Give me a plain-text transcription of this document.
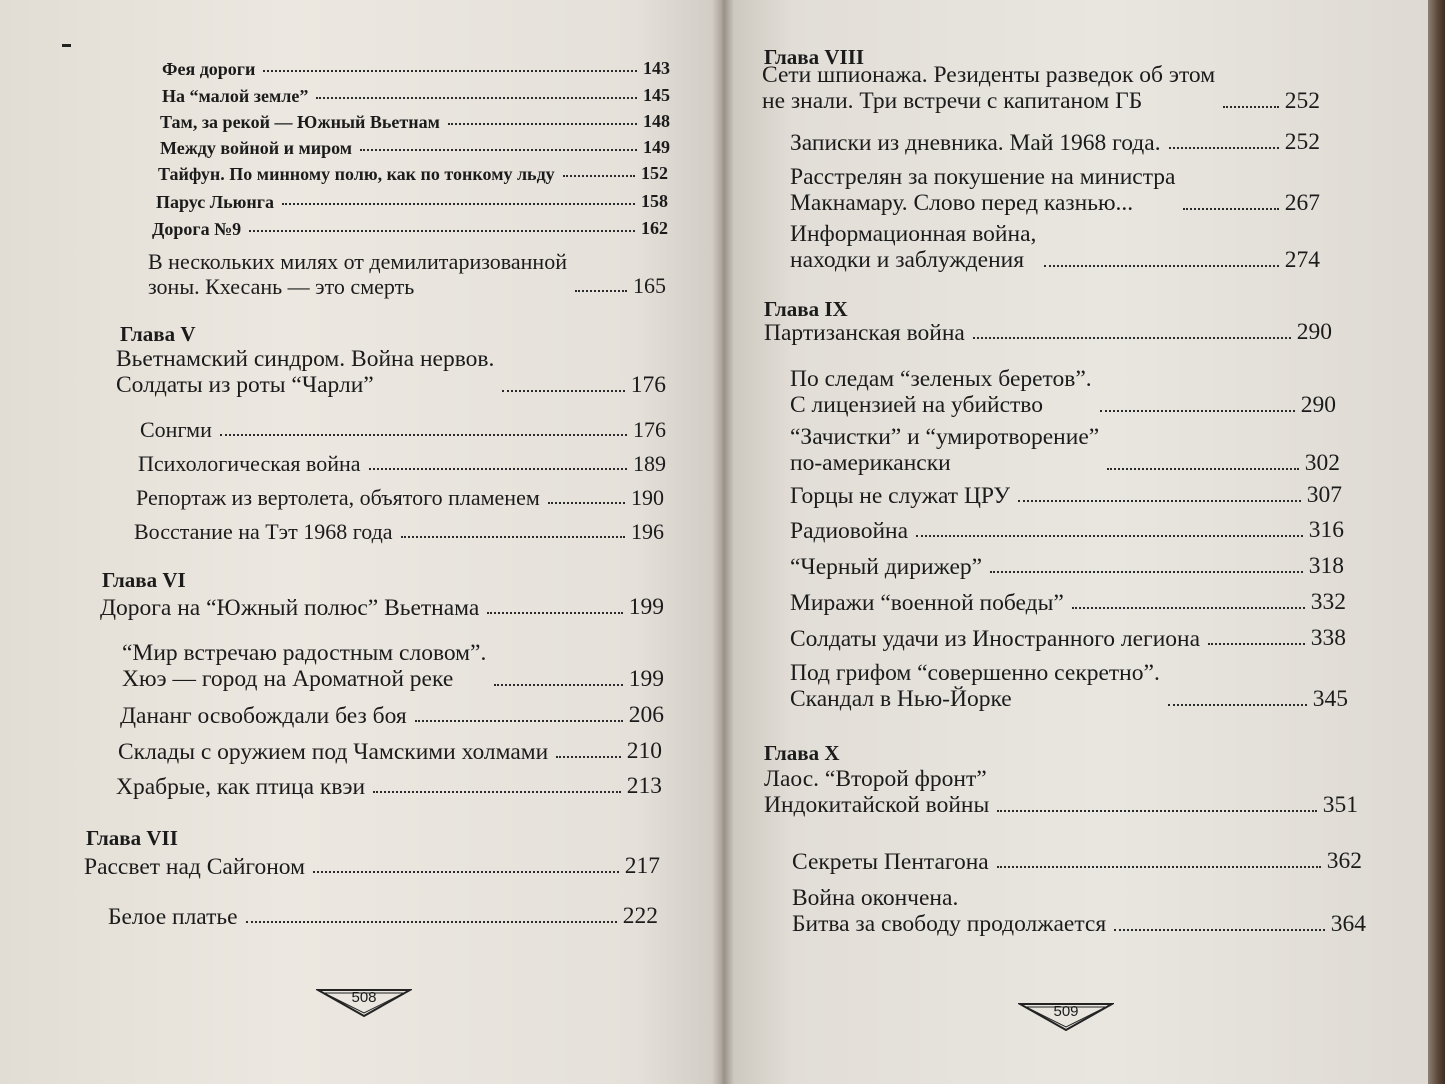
Фея дороги	143
На “малой земле”	145
Там, за рекой — Южный Вьетнам	148
Между войной и миром	149
Тайфун. По минному полю, как по тонкому льду	152
Парус Льюнга	158
Дорога №9	162
В нескольких милях от демилитаризованной
зоны. Кхесань — это смерть	165
Глава V
Вьетнамский синдром. Война нервов.
Солдаты из роты “Чарли”	176
Сонгми	176
Психологическая война	189
Репортаж из вертолета, объятого пламенем	190
Восстание на Тэт 1968 года	196
Глава VI
Дорога на “Южный полюс” Вьетнама	199
“Мир встречаю радостным словом”.
Хюэ — город на Ароматной реке	199
Дананг освобождали без боя	206
Склады с оружием под Чамскими холмами	210
Храбрые, как птица квэи	213
Глава VII
Рассвет над Сайгоном	217
Белое платье	222
508
Глава VIII
Сети шпионажа. Резиденты разведок об этом
не знали. Три встречи с капитаном ГБ	252
Записки из дневника. Май 1968 года.	252
Расстрелян за покушение на министра
Макнамару. Слово перед казнью...	267
Информационная война,
находки и заблуждения	274
Глава IX
Партизанская война	290
По следам “зеленых беретов”.
С лицензией на убийство	290
“Зачистки” и “умиротворение”
по-американски	302
Горцы не служат ЦРУ	307
Радиовойна	316
“Черный дирижер”	318
Миражи “военной победы”	332
Солдаты удачи из Иностранного легиона	338
Под грифом “совершенно секретно”.
Скандал в Нью-Йорке	345
Глава X
Лаос. “Второй фронт”
Индокитайской войны	351
Секреты Пентагона	362
Война окончена.
Битва за свободу продолжается	364
509
